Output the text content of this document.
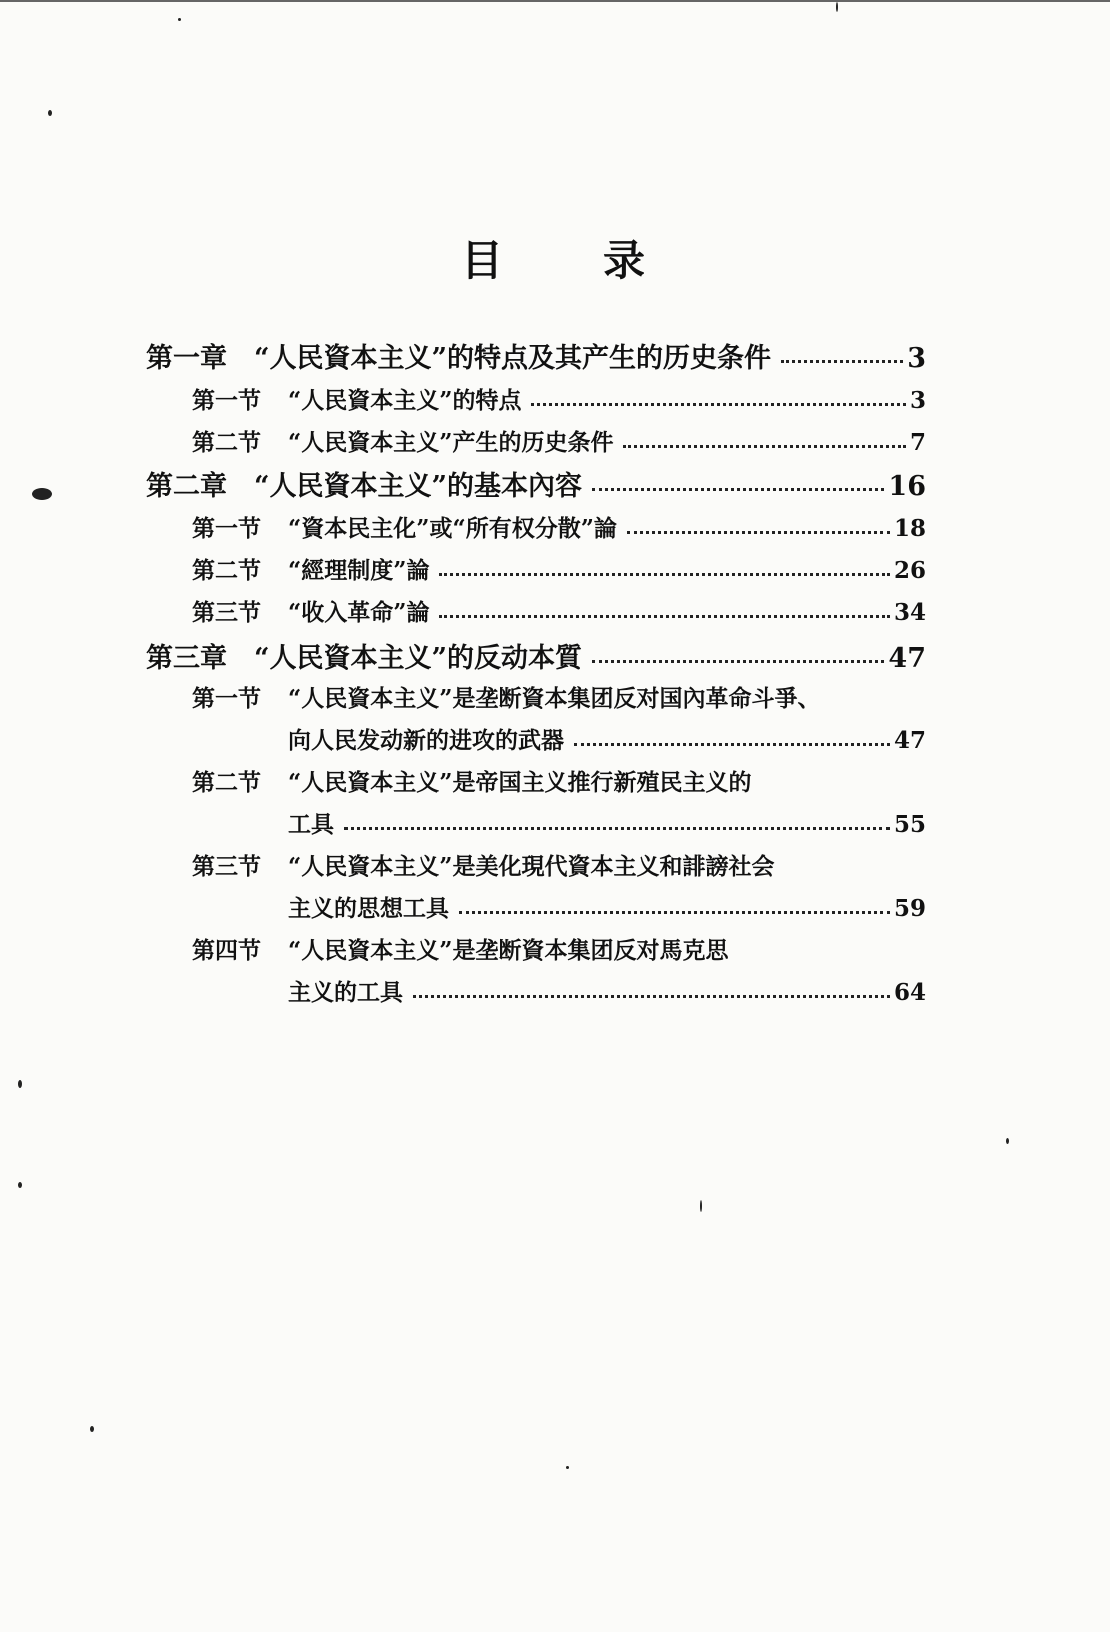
目 录
第一章	“人民資本主义”的特点及其产生的历史条件	3
第一节	“人民資本主义”的特点	3
第二节	“人民資本主义”产生的历史条件	7
第二章	“人民資本主义”的基本內容	16
第一节	“資本民主化”或“所有权分散”論	18
第二节	“經理制度”論	26
第三节	“收入革命”論	34
第三章	“人民資本主义”的反动本質	47
第一节	“人民資本主义”是垄断資本集团反对国內革命斗爭、
向人民发动新的进攻的武器	47
第二节	“人民資本主义”是帝国主义推行新殖民主义的
工具	55
第三节	“人民資本主义”是美化現代資本主义和誹謗社会
主义的思想工具	59
第四节	“人民資本主义”是垄断資本集团反对馬克思
主义的工具	64
